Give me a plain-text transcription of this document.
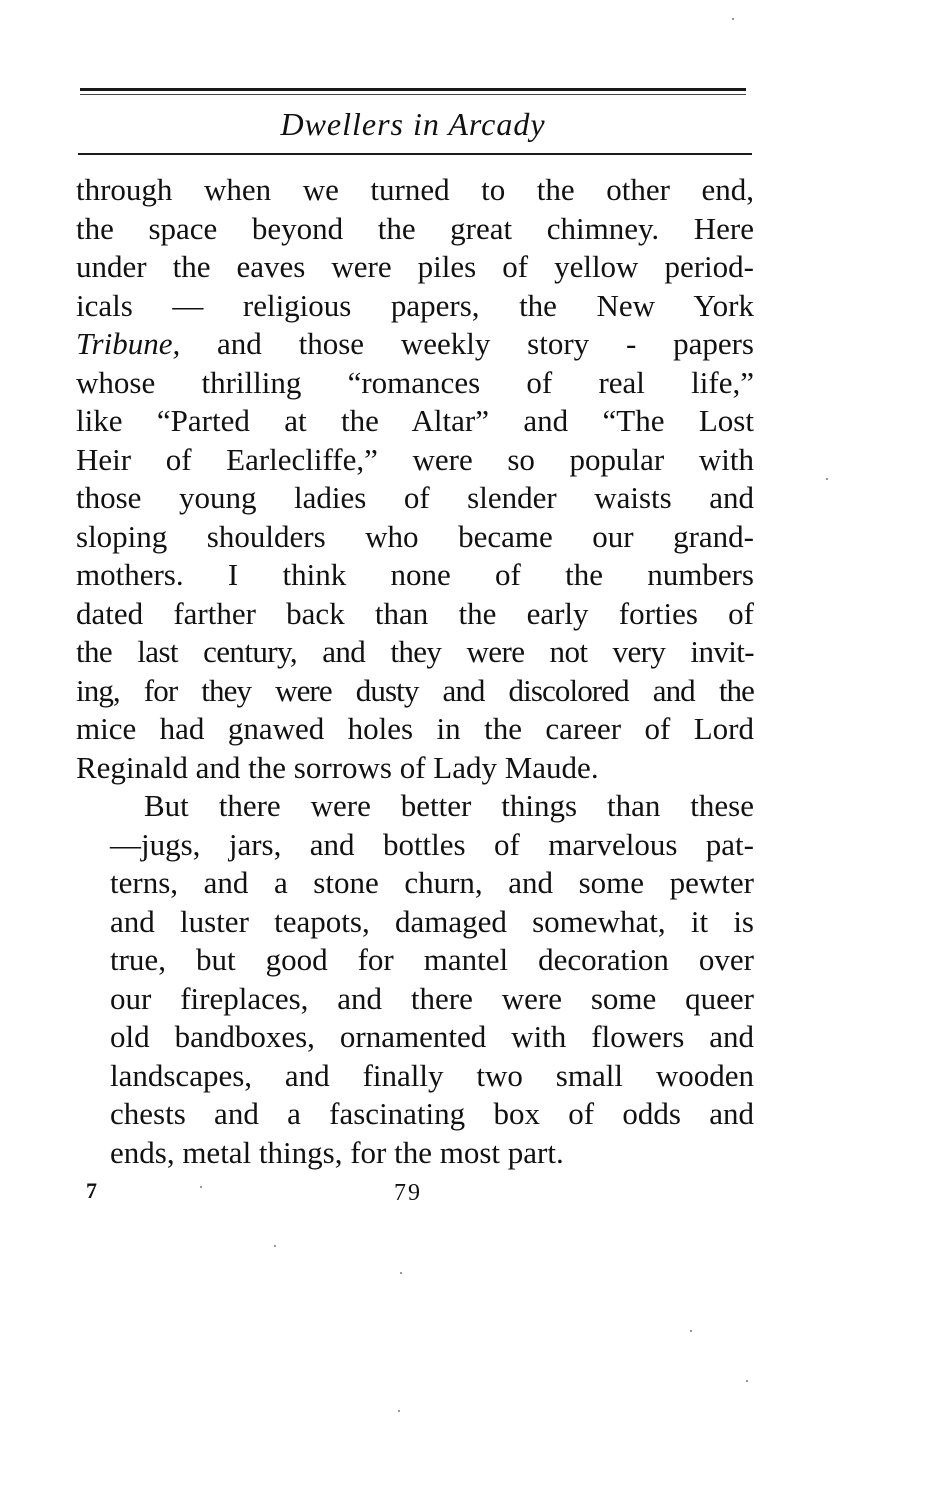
Dwellers in Arcady

through when we turned to the other end,
the space beyond the great chimney. Here
under the eaves were piles of yellow period-
icals — religious papers, the New York
Tribune, and those weekly story - papers
whose thrilling “romances of real life,”
like “Parted at the Altar” and “The Lost
Heir of Earlecliffe,” were so popular with
those young ladies of slender waists and
sloping shoulders who became our grand-
mothers. I think none of the numbers
dated farther back than the early forties of
the last century, and they were not very invit-
ing, for they were dusty and discolored and the
mice had gnawed holes in the career of Lord
Reginald and the sorrows of Lady Maude.

But there were better things than these
—jugs, jars, and bottles of marvelous pat-
terns, and a stone churn, and some pewter
and luster teapots, damaged somewhat, it is
true, but good for mantel decoration over
our fireplaces, and there were some queer
old bandboxes, ornamented with flowers and
landscapes, and finally two small wooden
chests and a fascinating box of odds and
ends, metal things, for the most part.

7	79
